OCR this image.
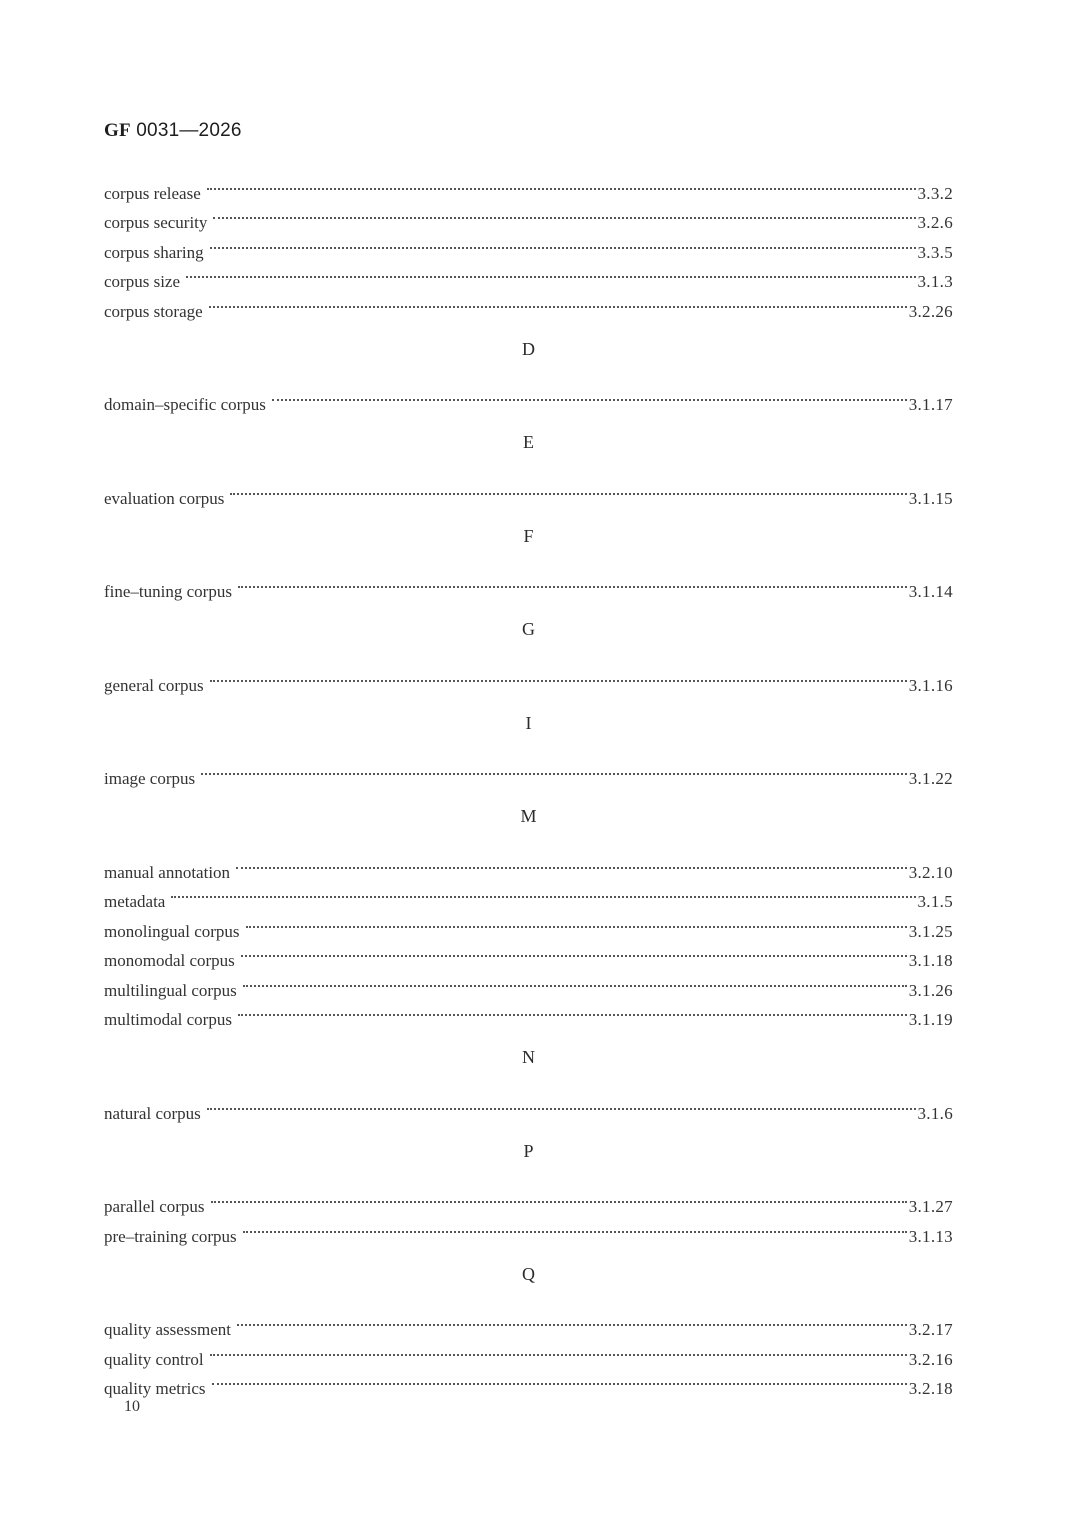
GF 0031—2026
corpus release	3.3.2
corpus security	3.2.6
corpus sharing	3.3.5
corpus size	3.1.3
corpus storage	3.2.26
D
domain–specific corpus	3.1.17
E
evaluation corpus	3.1.15
F
fine–tuning corpus	3.1.14
G
general corpus	3.1.16
I
image corpus	3.1.22
M
manual annotation	3.2.10
metadata	3.1.5
monolingual corpus	3.1.25
monomodal corpus	3.1.18
multilingual corpus	3.1.26
multimodal corpus	3.1.19
N
natural corpus	3.1.6
P
parallel corpus	3.1.27
pre–training corpus	3.1.13
Q
quality assessment	3.2.17
quality control	3.2.16
quality metrics	3.2.18
10
